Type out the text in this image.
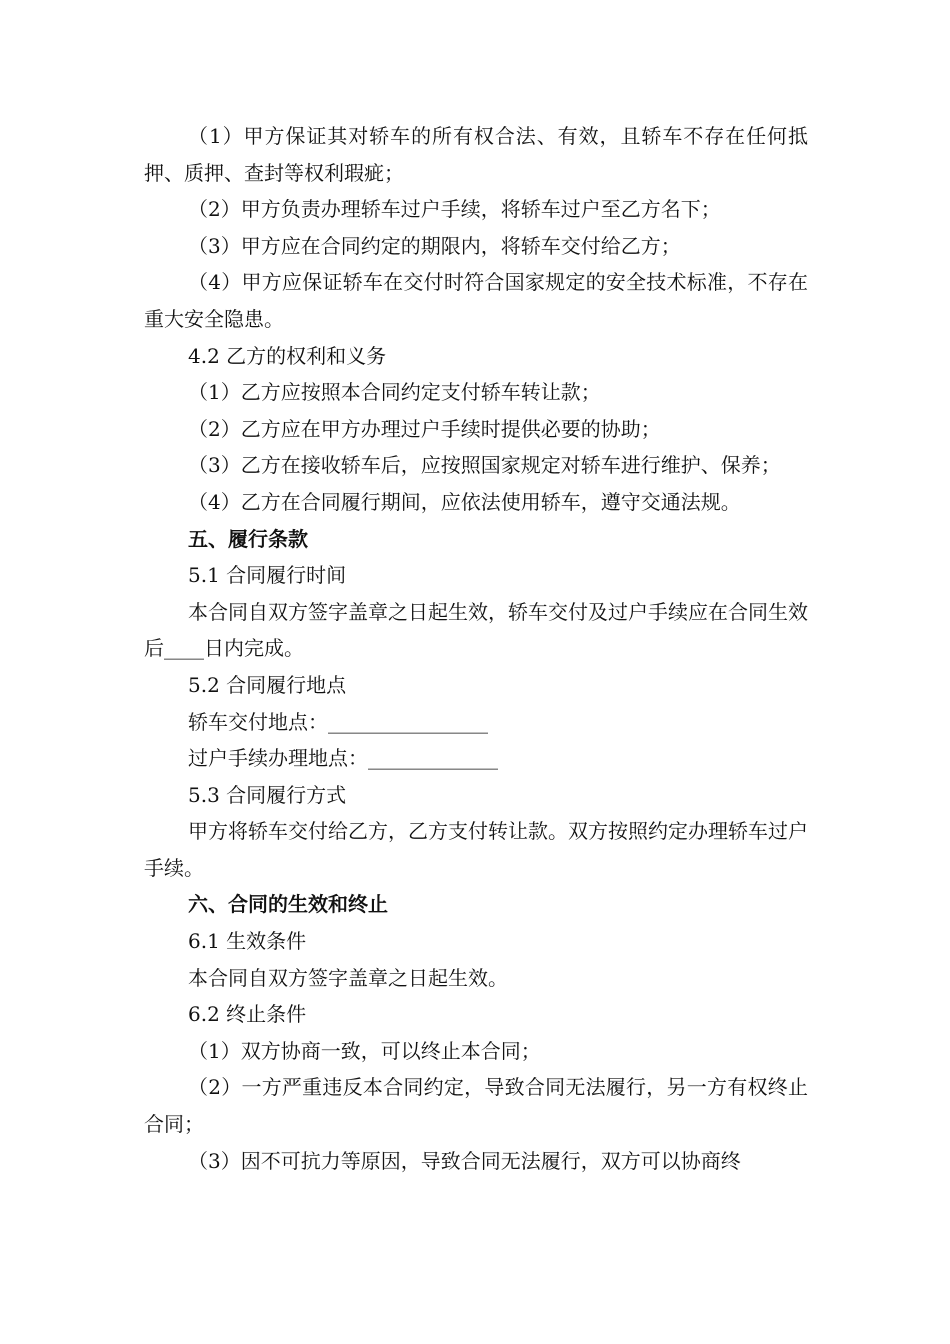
（1）甲方保证其对轿车的所有权合法、有效，且轿车不存在任何抵押、质押、查封等权利瑕疵；

（2）甲方负责办理轿车过户手续，将轿车过户至乙方名下；

（3）甲方应在合同约定的期限内，将轿车交付给乙方；

（4）甲方应保证轿车在交付时符合国家规定的安全技术标准，不存在重大安全隐患。

4.2 乙方的权利和义务

（1）乙方应按照本合同约定支付轿车转让款；

（2）乙方应在甲方办理过户手续时提供必要的协助；

（3）乙方在接收轿车后，应按照国家规定对轿车进行维护、保养；

（4）乙方在合同履行期间，应依法使用轿车，遵守交通法规。

五、履行条款

5.1 合同履行时间

本合同自双方签字盖章之日起生效，轿车交付及过户手续应在合同生效后____日内完成。

5.2 合同履行地点

轿车交付地点：________________

过户手续办理地点：_____________

5.3 合同履行方式

甲方将轿车交付给乙方，乙方支付转让款。双方按照约定办理轿车过户手续。

六、合同的生效和终止

6.1 生效条件

本合同自双方签字盖章之日起生效。

6.2 终止条件

（1）双方协商一致，可以终止本合同；

（2）一方严重违反本合同约定，导致合同无法履行，另一方有权终止合同；

（3）因不可抗力等原因，导致合同无法履行，双方可以协商终
